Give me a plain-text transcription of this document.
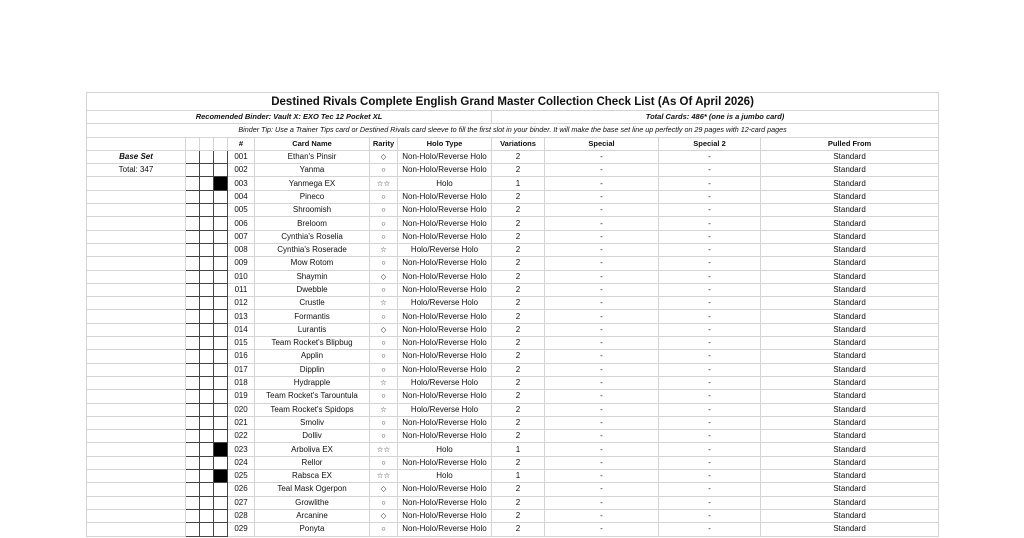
Destined Rivals Complete English Grand Master Collection Check List (As Of April 2026)											
Recomended Binder: Vault X: EXO Tec 12 Pocket XL								Total Cards: 486* (one is a jumbo card)			
Binder Tip: Use a Trainer Tips card or Destined Rivals card sleeve to fill the first slot in your binder. It will make the base set line up perfectly on 29 pages with 12-card pages											
				#	Card Name	Rarity	Holo Type	Variations	Special	Special 2	Pulled From
Base Set				001	Ethan's Pinsir	◇	Non-Holo/Reverse Holo	2	-	-	Standard
Total: 347				002	Yanma	○	Non-Holo/Reverse Holo	2	-	-	Standard
				003	Yanmega EX	☆☆	Holo	1	-	-	Standard
				004	Pineco	○	Non-Holo/Reverse Holo	2	-	-	Standard
				005	Shroomish	○	Non-Holo/Reverse Holo	2	-	-	Standard
				006	Breloom	○	Non-Holo/Reverse Holo	2	-	-	Standard
				007	Cynthia's Roselia	○	Non-Holo/Reverse Holo	2	-	-	Standard
				008	Cynthia's Roserade	☆	Holo/Reverse Holo	2	-	-	Standard
				009	Mow Rotom	○	Non-Holo/Reverse Holo	2	-	-	Standard
				010	Shaymin	◇	Non-Holo/Reverse Holo	2	-	-	Standard
				011	Dwebble	○	Non-Holo/Reverse Holo	2	-	-	Standard
				012	Crustle	☆	Holo/Reverse Holo	2	-	-	Standard
				013	Formantis	○	Non-Holo/Reverse Holo	2	-	-	Standard
				014	Lurantis	◇	Non-Holo/Reverse Holo	2	-	-	Standard
				015	Team Rocket's Blipbug	○	Non-Holo/Reverse Holo	2	-	-	Standard
				016	Applin	○	Non-Holo/Reverse Holo	2	-	-	Standard
				017	Dipplin	○	Non-Holo/Reverse Holo	2	-	-	Standard
				018	Hydrapple	☆	Holo/Reverse Holo	2	-	-	Standard
				019	Team Rocket's Tarountula	○	Non-Holo/Reverse Holo	2	-	-	Standard
				020	Team Rocket's Spidops	☆	Holo/Reverse Holo	2	-	-	Standard
				021	Smoliv	○	Non-Holo/Reverse Holo	2	-	-	Standard
				022	Dolliv	○	Non-Holo/Reverse Holo	2	-	-	Standard
				023	Arboliva EX	☆☆	Holo	1	-	-	Standard
				024	Rellor	○	Non-Holo/Reverse Holo	2	-	-	Standard
				025	Rabsca EX	☆☆	Holo	1	-	-	Standard
				026	Teal Mask Ogerpon	◇	Non-Holo/Reverse Holo	2	-	-	Standard
				027	Growlithe	○	Non-Holo/Reverse Holo	2	-	-	Standard
				028	Arcanine	◇	Non-Holo/Reverse Holo	2	-	-	Standard
				029	Ponyta	○	Non-Holo/Reverse Holo	2	-	-	Standard
